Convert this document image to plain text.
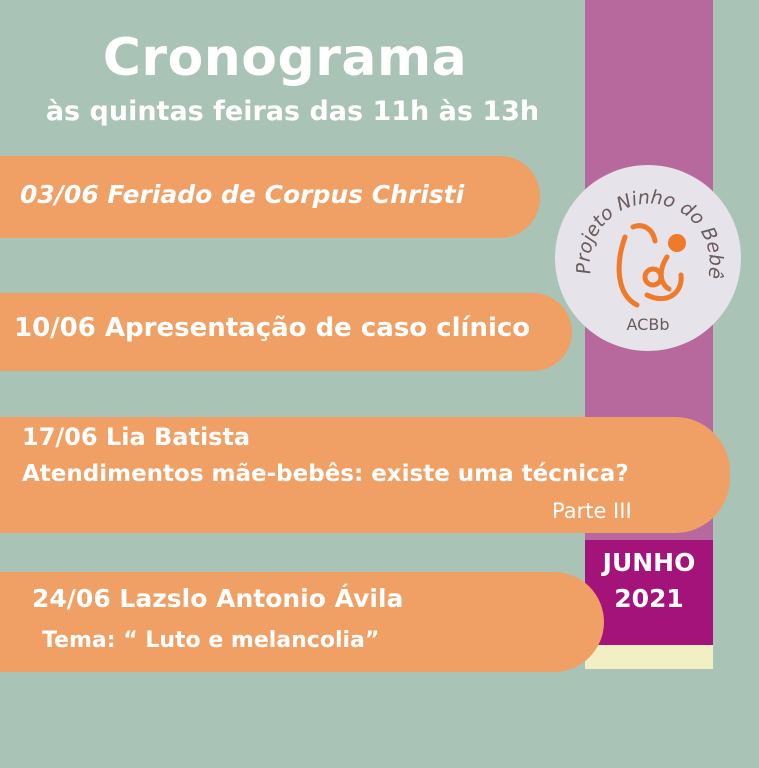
Cronograma
às quintas feiras das 11h às 13h
03/06 Feriado de Corpus Christi
10/06 Apresentação de caso clínico
17/06 Lia Batista
Atendimentos mãe-bebês: existe uma técnica?
Parte III
24/06 Lazslo Antonio Ávila
Tema: “ Luto e melancolia”
JUNHO
2021
Projeto Ninho do Bebê
ACBb
